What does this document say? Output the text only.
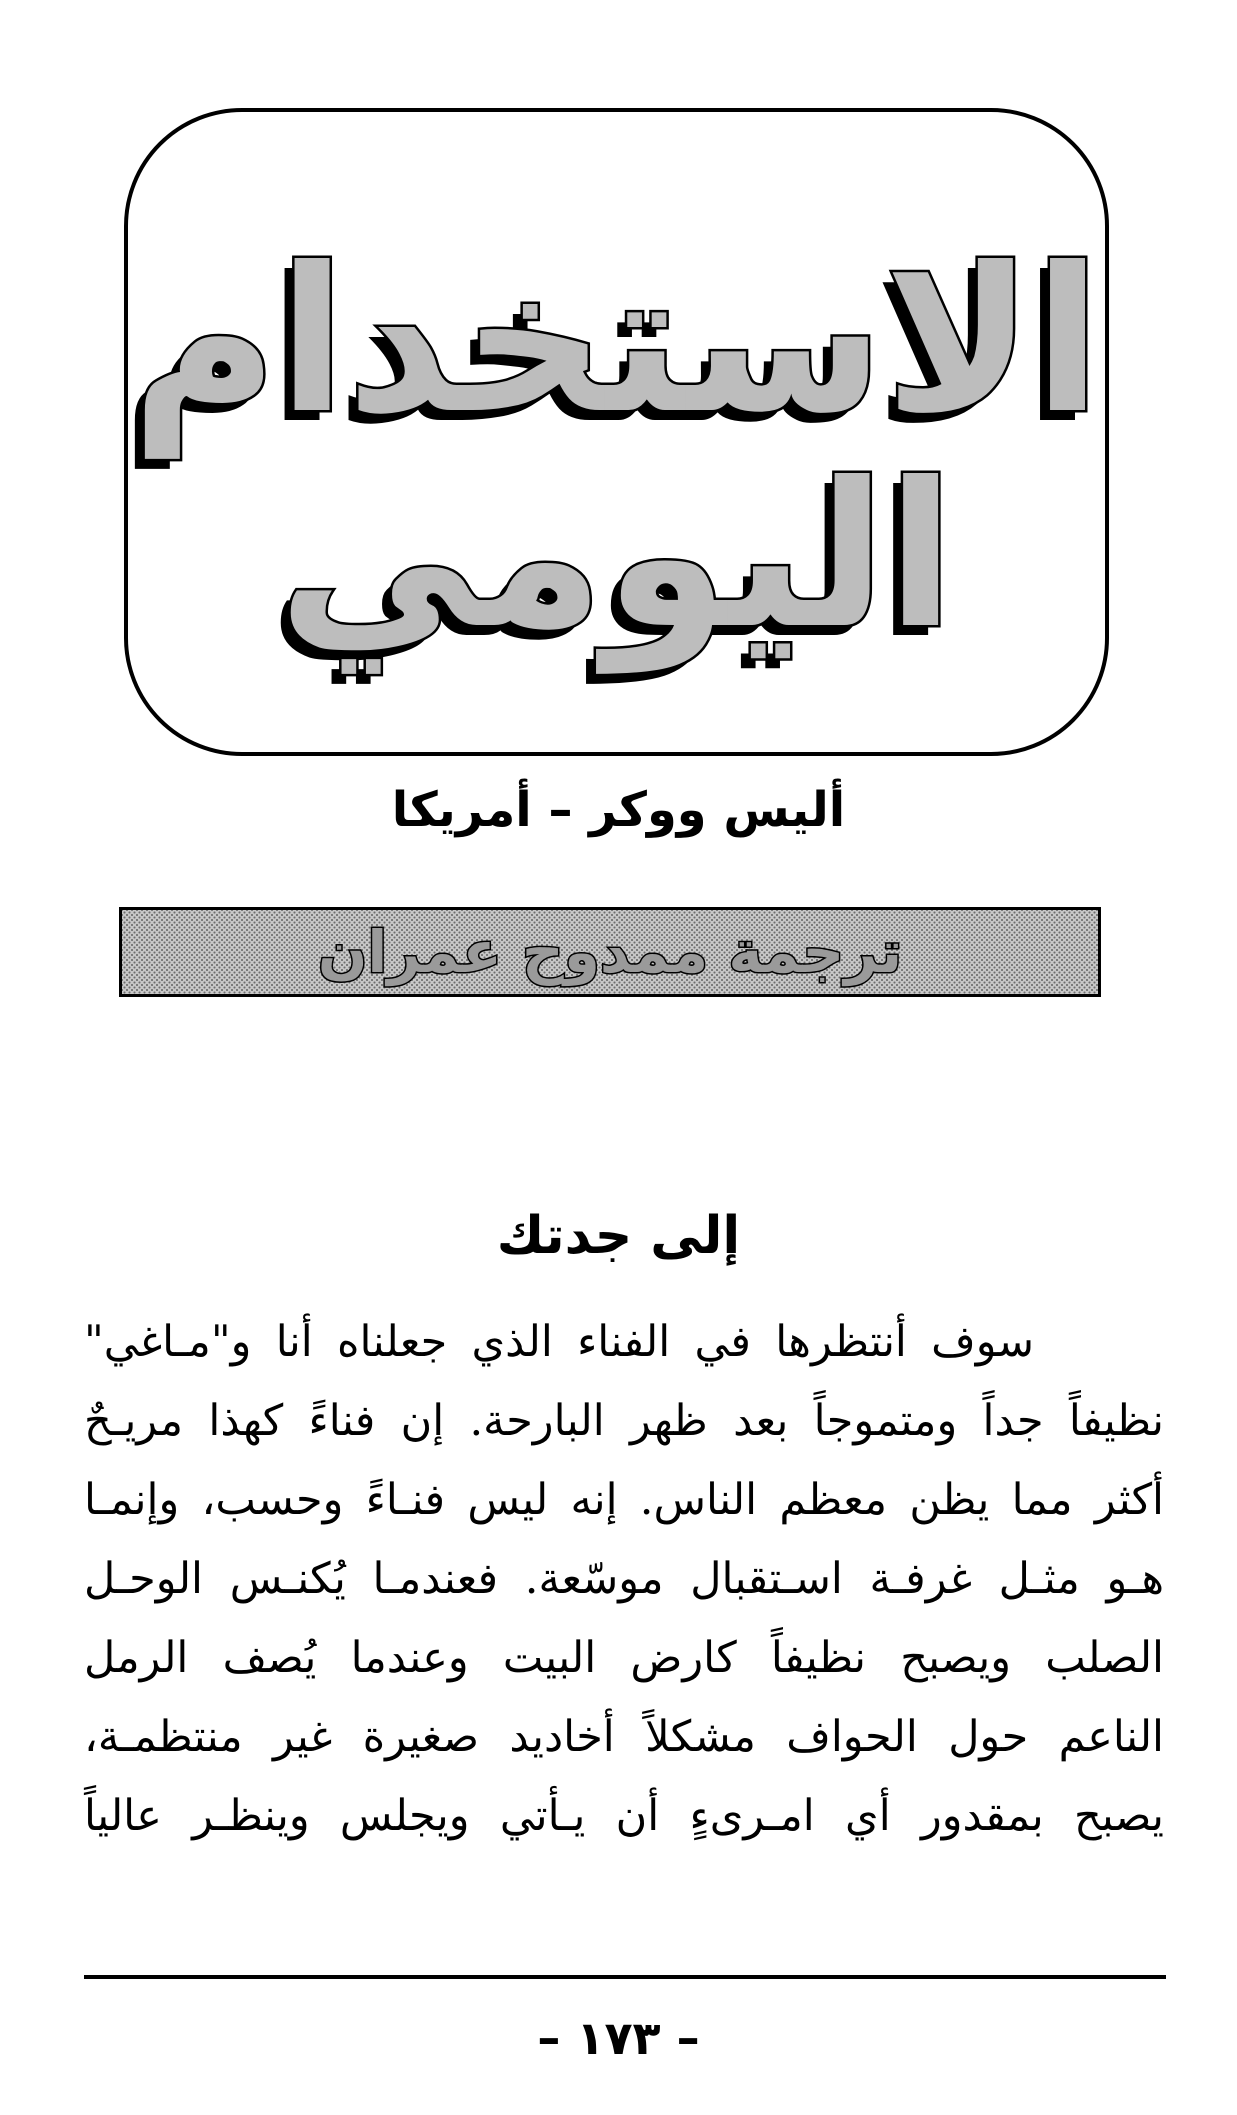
الاستخدام
اليومي
أليس ووكر – أمريكا
ترجمة ممدوح عمران
إلى جدتك
سوف أنتظرها في الفناء الذي جعلناه أنا و"مـاغي"
نظيفاً جداً ومتموجاً بعد ظهر البارحة. إن فناءً كهذا مريـحٌ
أكثر مما يظن معظم الناس. إنه ليس فنـاءً وحسب، وإنمـا
هـو مثـل غرفـة اسـتقبال موسّعة. فعندمـا يُكنـس الوحـل
الصلب ويصبح نظيفاً كارض البيت وعندما يُصف الرمل
الناعم حول الحواف مشكلاً أخاديد صغيرة غير منتظمـة،
يصبح بمقدور أي امـرىءٍ أن يـأتي ويجلس وينظـر عالياً
– ١٧٣ –
